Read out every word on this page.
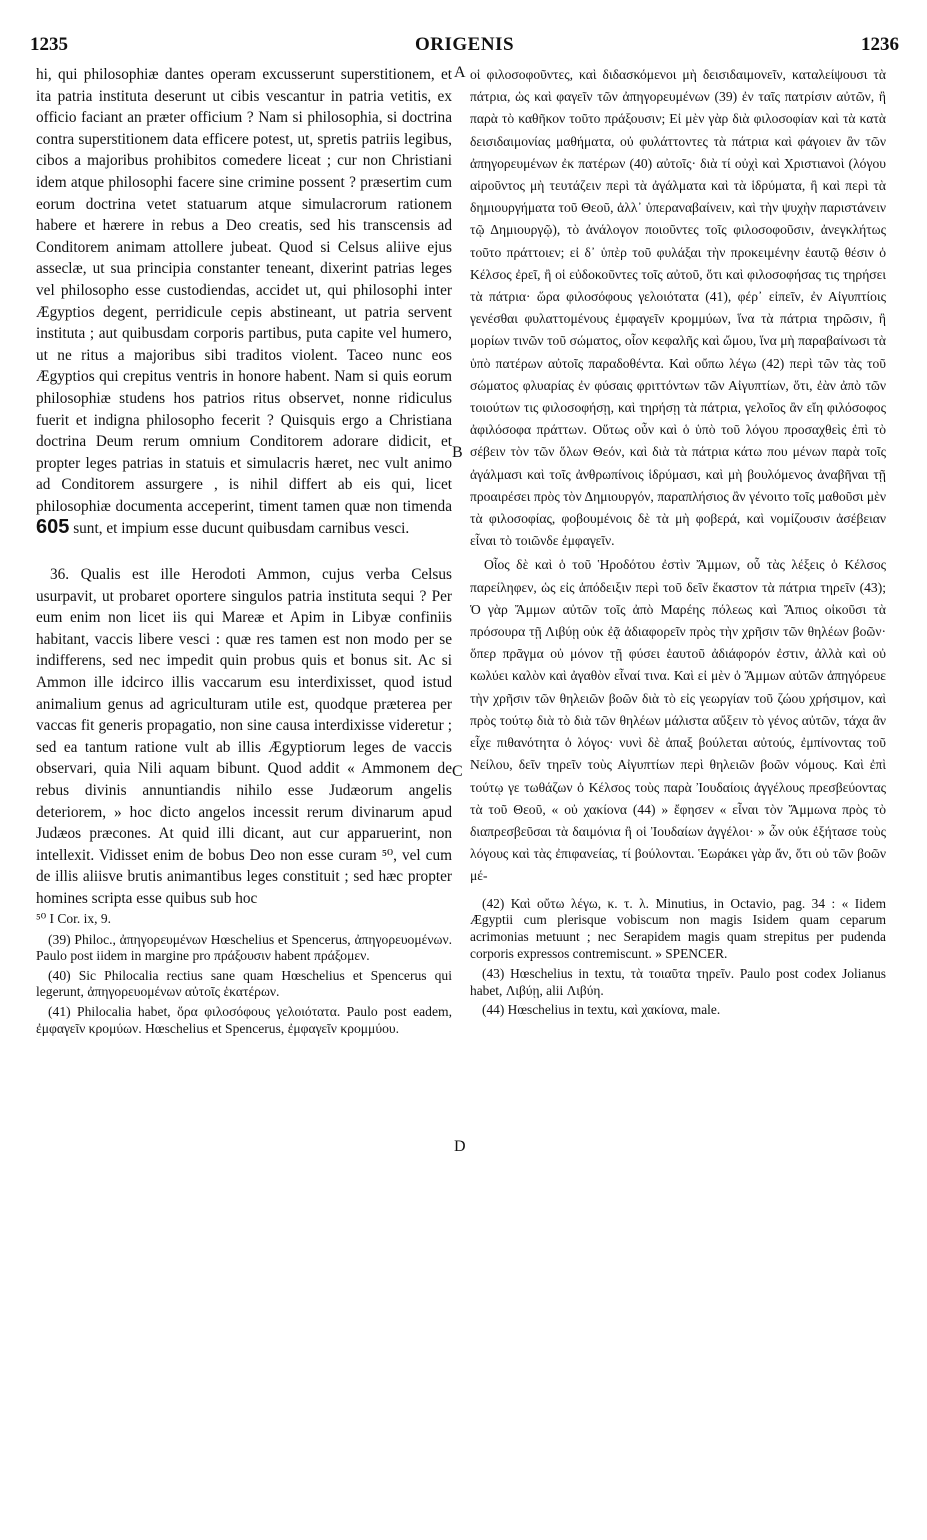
1235	ORIGENIS	1236
A
B
C
D

hi, qui philosophiæ dantes operam excusserunt superstitionem, et ita patria instituta deserunt ut cibis vescantur in patria vetitis, ex officio faciant an præter officium ? Nam si philosophia, si doctrina contra superstitionem data efficere potest, ut, spretis patriis legibus, cibos a majoribus prohibitos comedere liceat ; cur non Christiani idem atque philosophi facere sine crimine possent ? præsertim cum eorum doctrina vetet statuarum atque simulacrorum rationem habere et hærere in rebus a Deo creatis, sed his transcensis ad Conditorem animam attollere jubeat. Quod si Celsus aliive ejus asseclæ, ut sua principia constanter teneant, dixerint patrias leges vel philosopho esse custodiendas, accidet ut, qui philosophi inter Ægyptios degent, perridicule cepis abstineant, ut patria servent instituta ; aut quibusdam corporis partibus, puta capite vel humero, ut ne ritus a majoribus sibi traditos violent. Taceo nunc eos Ægyptios qui crepitus ventris in honore habent. Nam si quis eorum philosophiæ studens hos patrios ritus observet, nonne ridiculus fuerit et indigna philosopho fecerit ? Quisquis ergo a Christiana doctrina Deum rerum omnium Conditorem adorare didicit, et propter leges patrias in statuis et simulacris hæret, nec vult animo ad Conditorem assurgere , is nihil differt ab eis qui, licet philosophiæ documenta acceperint, timent tamen quæ non timenda 605 sunt, et impium esse ducunt quibusdam carnibus vesci.

36. Qualis est ille Herodoti Ammon, cujus verba Celsus usurpavit, ut probaret oportere singulos patria instituta sequi ? Per eum enim non licet iis qui Mareæ et Apim in Libyæ confiniis habitant, vaccis libere vesci : quæ res tamen est non modo per se indifferens, sed nec impedit quin probus quis et bonus sit. Ac si Ammon ille idcirco illis vaccarum esu interdixisset, quod istud animalium genus ad agriculturam utile est, quodque præterea per vaccas fit generis propagatio, non sine causa interdixisse videretur ; sed ea tantum ratione vult ab illis Ægyptiorum leges de vaccis observari, quia Nili aquam bibunt. Quod addit « Ammonem de rebus divinis annuntiandis nihilo esse Judæorum angelis deteriorem, » hoc dicto angelos incessit rerum divinarum apud Judæos præcones. At quid illi dicant, aut cur apparuerint, non intellexit. Vidisset enim de bobus Deo non esse curam ⁵⁰, vel cum de illis aliisve brutis animantibus leges constituit ; sed hæc propter homines scripta esse quibus sub hoc

⁵⁰ I Cor. ix, 9.

(39) Philoc., ἀπηγορευμένων Hœschelius et Spencerus, ἀπηγορευομένων. Paulo post iidem in margine pro πράξουσιν habent πράξομεν.

(40) Sic Philocalia rectius sane quam Hœschelius et Spencerus qui legerunt, ἀπηγορευομένων αὐτοῖς ἑκατέρων.

(41) Philocalia habet, ὅρα φιλοσόφους γελοιότατα. Paulo post eadem, ἐμφαγεῖν κρομύων. Hœschelius et Spencerus, ἐμφαγεῖν κρομμύου.

οἱ φιλοσοφοῦντες, καὶ διδασκόμενοι μὴ δεισιδαιμονεῖν, καταλείψουσι τὰ πάτρια, ὡς καὶ φαγεῖν τῶν ἀπηγορευμένων (39) ἐν ταῖς πατρίσιν αὐτῶν, ἢ παρὰ τὸ καθῆκον τοῦτο πράξουσιν; Εἰ μὲν γὰρ διὰ φιλοσοφίαν καὶ τὰ κατὰ δεισιδαιμονίας μαθήματα, οὐ φυλάττοντες τὰ πάτρια καὶ φάγοιεν ἂν τῶν ἀπηγορευμένων ἐκ πατέρων (40) αὐτοῖς· διὰ τί οὐχὶ καὶ Χριστιανοὶ (λόγου αἱροῦντος μὴ τευτάζειν περὶ τὰ ἀγάλματα καὶ τὰ ἱδρύματα, ἢ καὶ περὶ τὰ δημιουργήματα τοῦ Θεοῦ, ἀλλ᾽ ὑπεραναβαίνειν, καὶ τὴν ψυχὴν παριστάνειν τῷ Δημιουργῷ), τὸ ἀνάλογον ποιοῦντες τοῖς φιλοσοφοῦσιν, ἀνεγκλήτως τοῦτο πράττοιεν; εἰ δ᾽ ὑπὲρ τοῦ φυλάξαι τὴν προκειμένην ἑαυτῷ θέσιν ὁ Κέλσος ἐρεῖ, ἢ οἱ εὐδοκοῦντες τοῖς αὐτοῦ, ὅτι καὶ φιλοσοφήσας τις τηρήσει τὰ πάτρια· ὥρα φιλοσόφους γελοιότατα (41), φέρ᾽ εἰπεῖν, ἐν Αἰγυπτίοις γενέσθαι φυλαττομένους ἐμφαγεῖν κρομμύων, ἵνα τὰ πάτρια τηρῶσιν, ἢ μορίων τινῶν τοῦ σώματος, οἷον κεφαλῆς καὶ ὤμου, ἵνα μὴ παραβαίνωσι τὰ ὑπὸ πατέρων αὐτοῖς παραδοθέντα. Καὶ οὔπω λέγω (42) περὶ τῶν τὰς τοῦ σώματος φλυαρίας ἐν φύσαις φριττόντων τῶν Αἰγυπτίων, ὅτι, ἐὰν ἀπὸ τῶν τοιούτων τις φιλοσοφήσῃ, καὶ τηρήσῃ τὰ πάτρια, γελοῖος ἂν εἴη φιλόσοφος ἀφιλόσοφα πράττων. Οὕτως οὖν καὶ ὁ ὑπὸ τοῦ λόγου προσαχθεὶς ἐπὶ τὸ σέβειν τὸν τῶν ὅλων Θεόν, καὶ διὰ τὰ πάτρια κάτω που μένων παρὰ τοῖς ἀγάλμασι καὶ τοῖς ἀνθρωπίνοις ἱδρύμασι, καὶ μὴ βουλόμενος ἀναβῆναι τῇ προαιρέσει πρὸς τὸν Δημιουργόν, παραπλήσιος ἂν γένοιτο τοῖς μαθοῦσι μὲν τὰ φιλοσοφίας, φοβουμένοις δὲ τὰ μὴ φοβερά, καὶ νομίζουσιν ἀσέβειαν εἶναι τὸ τοιῶνδε ἐμφαγεῖν.

Οἷος δὲ καὶ ὁ τοῦ Ἡροδότου ἐστὶν Ἄμμων, οὗ τὰς λέξεις ὁ Κέλσος παρείληφεν, ὡς εἰς ἀπόδειξιν περὶ τοῦ δεῖν ἕκαστον τὰ πάτρια τηρεῖν (43); Ὁ γὰρ Ἄμμων αὐτῶν τοῖς ἀπὸ Μαρέης πόλεως καὶ Ἄπιος οἰκοῦσι τὰ πρόσουρα τῇ Λιβύῃ οὐκ ἐᾷ ἀδιαφορεῖν πρὸς τὴν χρῆσιν τῶν θηλέων βοῶν· ὅπερ πρᾶγμα οὐ μόνον τῇ φύσει ἑαυτοῦ ἀδιάφορόν ἐστιν, ἀλλὰ καὶ οὐ κωλύει καλὸν καὶ ἀγαθὸν εἶναί τινα. Καὶ εἰ μὲν ὁ Ἄμμων αὐτῶν ἀπηγόρευε τὴν χρῆσιν τῶν θηλειῶν βοῶν διὰ τὸ εἰς γεωργίαν τοῦ ζώου χρήσιμον, καὶ πρὸς τούτῳ διὰ τὸ διὰ τῶν θηλέων μάλιστα αὔξειν τὸ γένος αὐτῶν, τάχα ἂν εἶχε πιθανότητα ὁ λόγος· νυνὶ δὲ ἁπαξ βούλεται αὐτούς, ἐμπίνοντας τοῦ Νείλου, δεῖν τηρεῖν τοὺς Αἰγυπτίων περὶ θηλειῶν βοῶν νόμους. Καὶ ἐπὶ τούτῳ γε τωθάζων ὁ Κέλσος τοὺς παρὰ Ἰουδαίοις ἀγγέλους πρεσβεύοντας τὰ τοῦ Θεοῦ, « οὐ χακίονα (44) » ἔφησεν « εἶναι τὸν Ἄμμωνα πρὸς τὸ διαπρεσβεῦσαι τὰ δαιμόνια ἢ οἱ Ἰουδαίων ἀγγέλοι· » ὧν οὐκ ἐξήτασε τοὺς λόγους καὶ τὰς ἐπιφανείας, τί βούλονται. Ἑωράκει γὰρ ἄν, ὅτι οὐ τῶν βοῶν μέ-

(42) Καὶ οὔτω λέγω, κ. τ. λ. Minutius, in Octavio, pag. 34 : « Iidem Ægyptii cum plerisque vobiscum non magis Isidem quam ceparum acrimonias metuunt ; nec Serapidem magis quam strepitus per pudenda corporis expressos contremiscunt. » SPENCER.

(43) Hœschelius in textu, τὰ τοιαῦτα τηρεῖν. Paulo post codex Jolianus habet, Λιβύῃ, alii Λιβύη.

(44) Hœschelius in textu, καὶ χακίονα, male.
